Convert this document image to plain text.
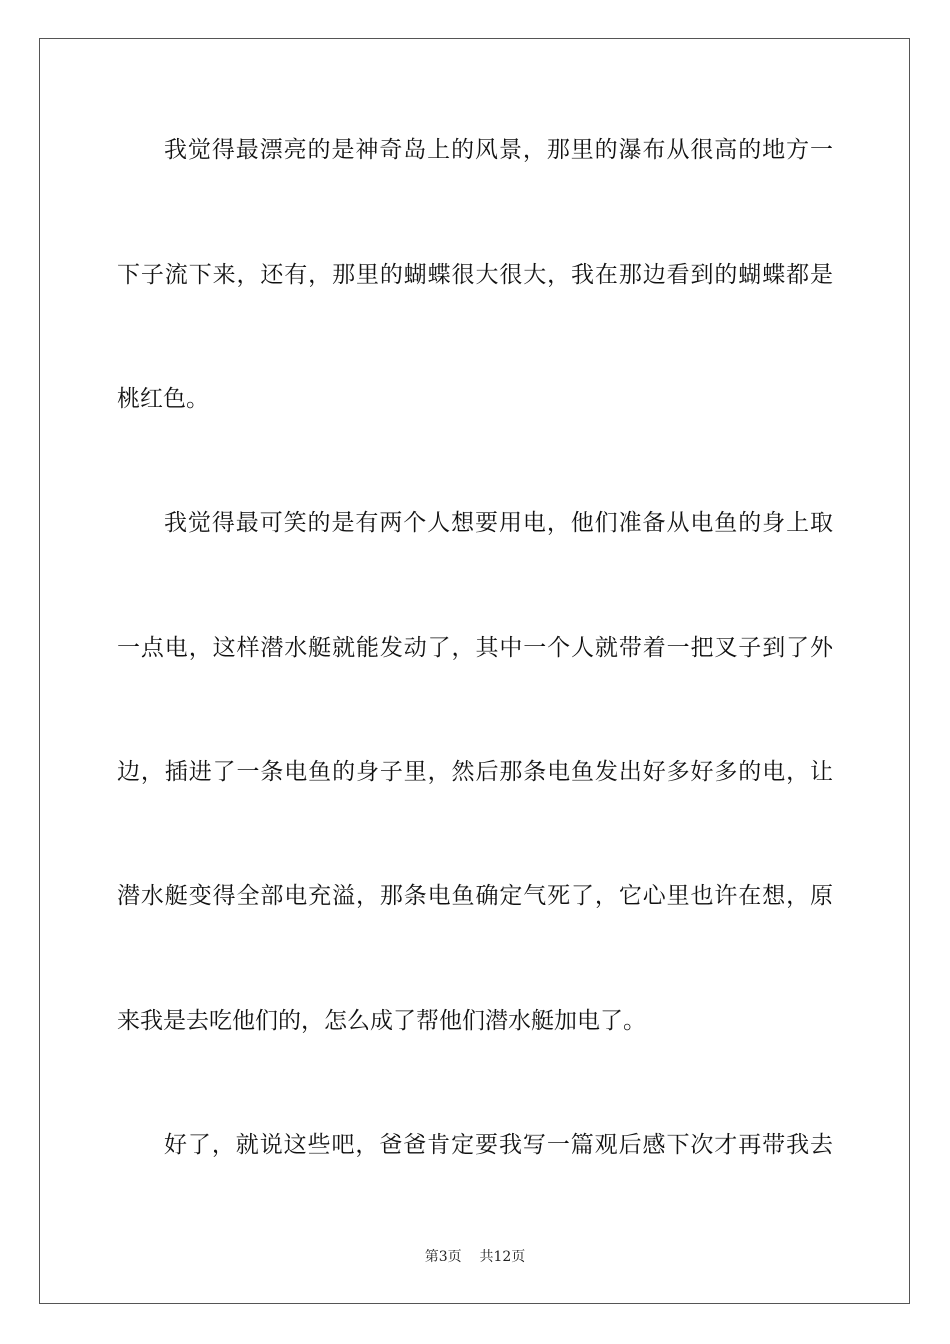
我觉得最漂亮的是神奇岛上的风景，那里的瀑布从很高的地方一
下子流下来，还有，那里的蝴蝶很大很大，我在那边看到的蝴蝶都是
桃红色。
我觉得最可笑的是有两个人想要用电，他们准备从电鱼的身上取
一点电，这样潜水艇就能发动了，其中一个人就带着一把叉子到了外
边，插进了一条电鱼的身子里，然后那条电鱼发出好多好多的电，让
潜水艇变得全部电充溢，那条电鱼确定气死了，它心里也许在想，原
来我是去吃他们的，怎么成了帮他们潜水艇加电了。
好了，就说这些吧，爸爸肯定要我写一篇观后感下次才再带我去
第3页 共12页
